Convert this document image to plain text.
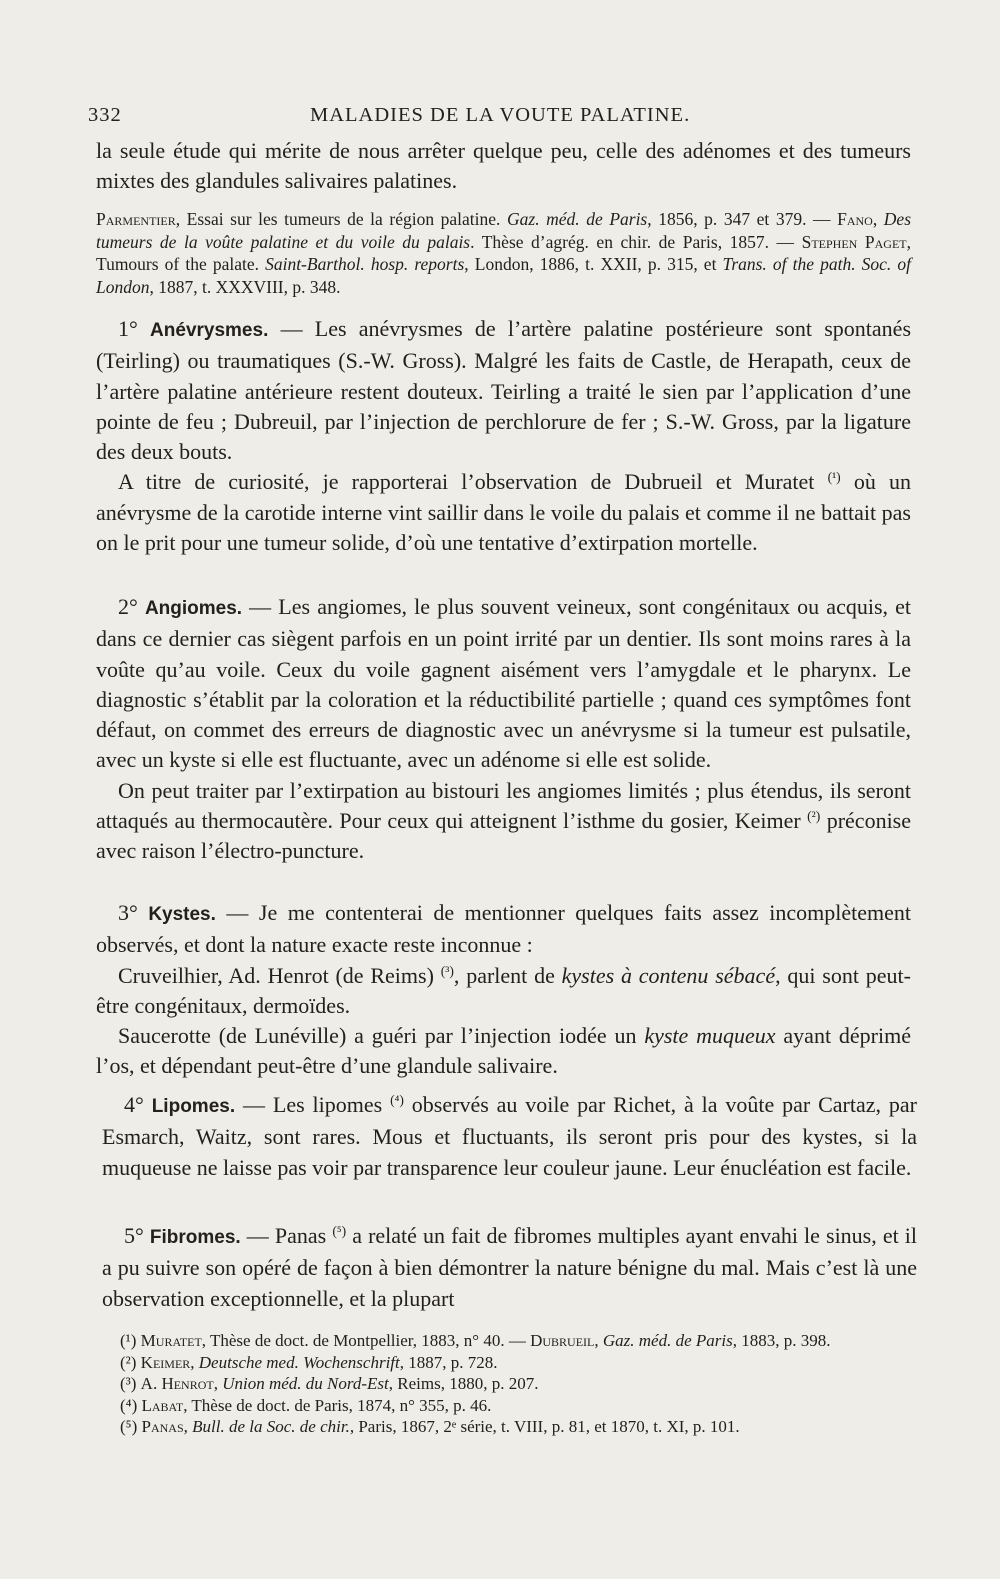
332	MALADIES DE LA VOUTE PALATINE.

la seule étude qui mérite de nous arrêter quelque peu, celle des adénomes et des tumeurs mixtes des glandules salivaires palatines.

Parmentier, Essai sur les tumeurs de la région palatine. Gaz. méd. de Paris, 1856, p. 347 et 379. — Fano, Des tumeurs de la voûte palatine et du voile du palais. Thèse d’agrég. en chir. de Paris, 1857. — Stephen Paget, Tumours of the palate. Saint-Barthol. hosp. reports, London, 1886, t. XXII, p. 315, et Trans. of the path. Soc. of London, 1887, t. XXXVIII, p. 348.

1° Anévrysmes. — Les anévrysmes de l’artère palatine postérieure sont spontanés (Teirling) ou traumatiques (S.-W. Gross). Malgré les faits de Castle, de Herapath, ceux de l’artère palatine antérieure restent douteux. Teirling a traité le sien par l’application d’une pointe de feu ; Dubreuil, par l’injection de perchlorure de fer ; S.-W. Gross, par la ligature des deux bouts.

A titre de curiosité, je rapporterai l’observation de Dubrueil et Muratet $^{(^1)}$ où un anévrysme de la carotide interne vint saillir dans le voile du palais et comme il ne battait pas on le prit pour une tumeur solide, d’où une tentative d’extirpation mortelle.

2° Angiomes. — Les angiomes, le plus souvent veineux, sont congénitaux ou acquis, et dans ce dernier cas siègent parfois en un point irrité par un dentier. Ils sont moins rares à la voûte qu’au voile. Ceux du voile gagnent aisément vers l’amygdale et le pharynx. Le diagnostic s’établit par la coloration et la réductibilité partielle ; quand ces symptômes font défaut, on commet des erreurs de diagnostic avec un anévrysme si la tumeur est pulsatile, avec un kyste si elle est fluctuante, avec un adénome si elle est solide.

On peut traiter par l’extirpation au bistouri les angiomes limités ; plus étendus, ils seront attaqués au thermocautère. Pour ceux qui atteignent l’isthme du gosier, Keimer $^{(^2)}$ préconise avec raison l’électro-puncture.

3° Kystes. — Je me contenterai de mentionner quelques faits assez incomplètement observés, et dont la nature exacte reste inconnue :

Cruveilhier, Ad. Henrot (de Reims) $^{(^3)}$, parlent de kystes à contenu sébacé, qui sont peut-être congénitaux, dermoïdes.

Saucerotte (de Lunéville) a guéri par l’injection iodée un kyste muqueux ayant déprimé l’os, et dépendant peut-être d’une glandule salivaire.

4° Lipomes. — Les lipomes $^{(^4)}$ observés au voile par Richet, à la voûte par Cartaz, par Esmarch, Waitz, sont rares. Mous et fluctuants, ils seront pris pour des kystes, si la muqueuse ne laisse pas voir par transparence leur couleur jaune. Leur énucléation est facile.

5° Fibromes. — Panas $^{(^5)}$ a relaté un fait de fibromes multiples ayant envahi le sinus, et il a pu suivre son opéré de façon à bien démontrer la nature bénigne du mal. Mais c’est là une observation exceptionnelle, et la plupart

(¹) Muratet, Thèse de doct. de Montpellier, 1883, n° 40. — Dubrueil, Gaz. méd. de Paris, 1883, p. 398.

(²) Keimer, Deutsche med. Wochenschrift, 1887, p. 728.

(³) A. Henrot, Union méd. du Nord-Est, Reims, 1880, p. 207.

(⁴) Labat, Thèse de doct. de Paris, 1874, n° 355, p. 46.

(⁵) Panas, Bull. de la Soc. de chir., Paris, 1867, 2ᵉ série, t. VIII, p. 81, et 1870, t. XI, p. 101.
